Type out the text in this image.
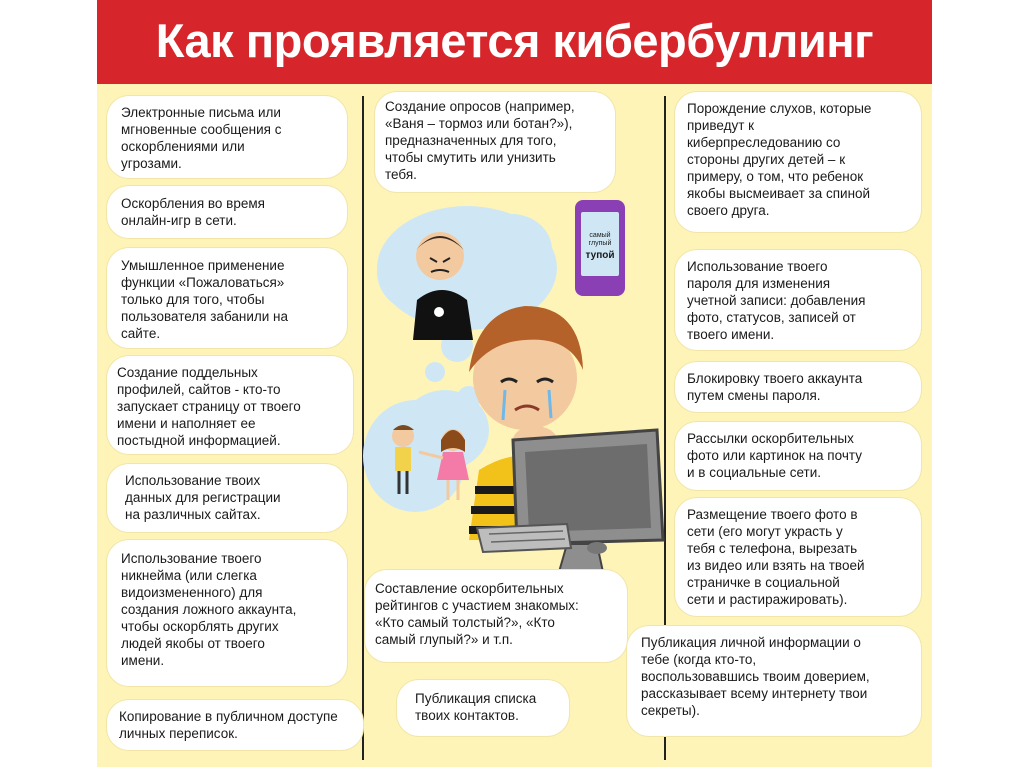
Как проявляется кибербуллинг
самый
глупый
тупой
Электронные письма или
мгновенные сообщения с
оскорблениями или
угрозами.
Оскорбления во время
онлайн-игр в сети.
Умышленное применение
функции «Пожаловаться»
только для того, чтобы
пользователя забанили на
сайте.
Создание поддельных
профилей, сайтов - кто-то
запускает страницу от твоего
имени и наполняет ее
постыдной информацией.
Использование твоих
данных для регистрации
на различных сайтах.
Использование твоего
никнейма (или слегка
видоизмененного) для
создания ложного аккаунта,
чтобы оскорблять других
людей якобы от твоего
имени.
Копирование в публичном доступе
личных переписок.
Создание опросов (например,
«Ваня – тормоз или ботан?»),
предназначенных для того,
чтобы смутить или унизить
тебя.
Составление оскорбительных
рейтингов с участием знакомых:
«Кто самый толстый?», «Кто
самый глупый?» и т.п.
Публикация списка
твоих контактов.
Порождение слухов, которые
приведут к
киберпреследованию со
стороны других детей – к
примеру, о том, что ребенок
якобы высмеивает за спиной
своего друга.
Использование твоего
пароля для изменения
учетной записи: добавления
фото, статусов, записей от
твоего имени.
Блокировку твоего аккаунта
путем смены пароля.
Рассылки оскорбительных
фото или картинок на почту
и в социальные сети.
Размещение твоего фото в
сети (его могут украсть у
тебя с телефона, вырезать
из видео или взять на твоей
страничке в социальной
сети и растиражировать).
Публикация личной информации о
тебе (когда кто-то,
воспользовавшись твоим доверием,
рассказывает всему интернету твои
секреты).
